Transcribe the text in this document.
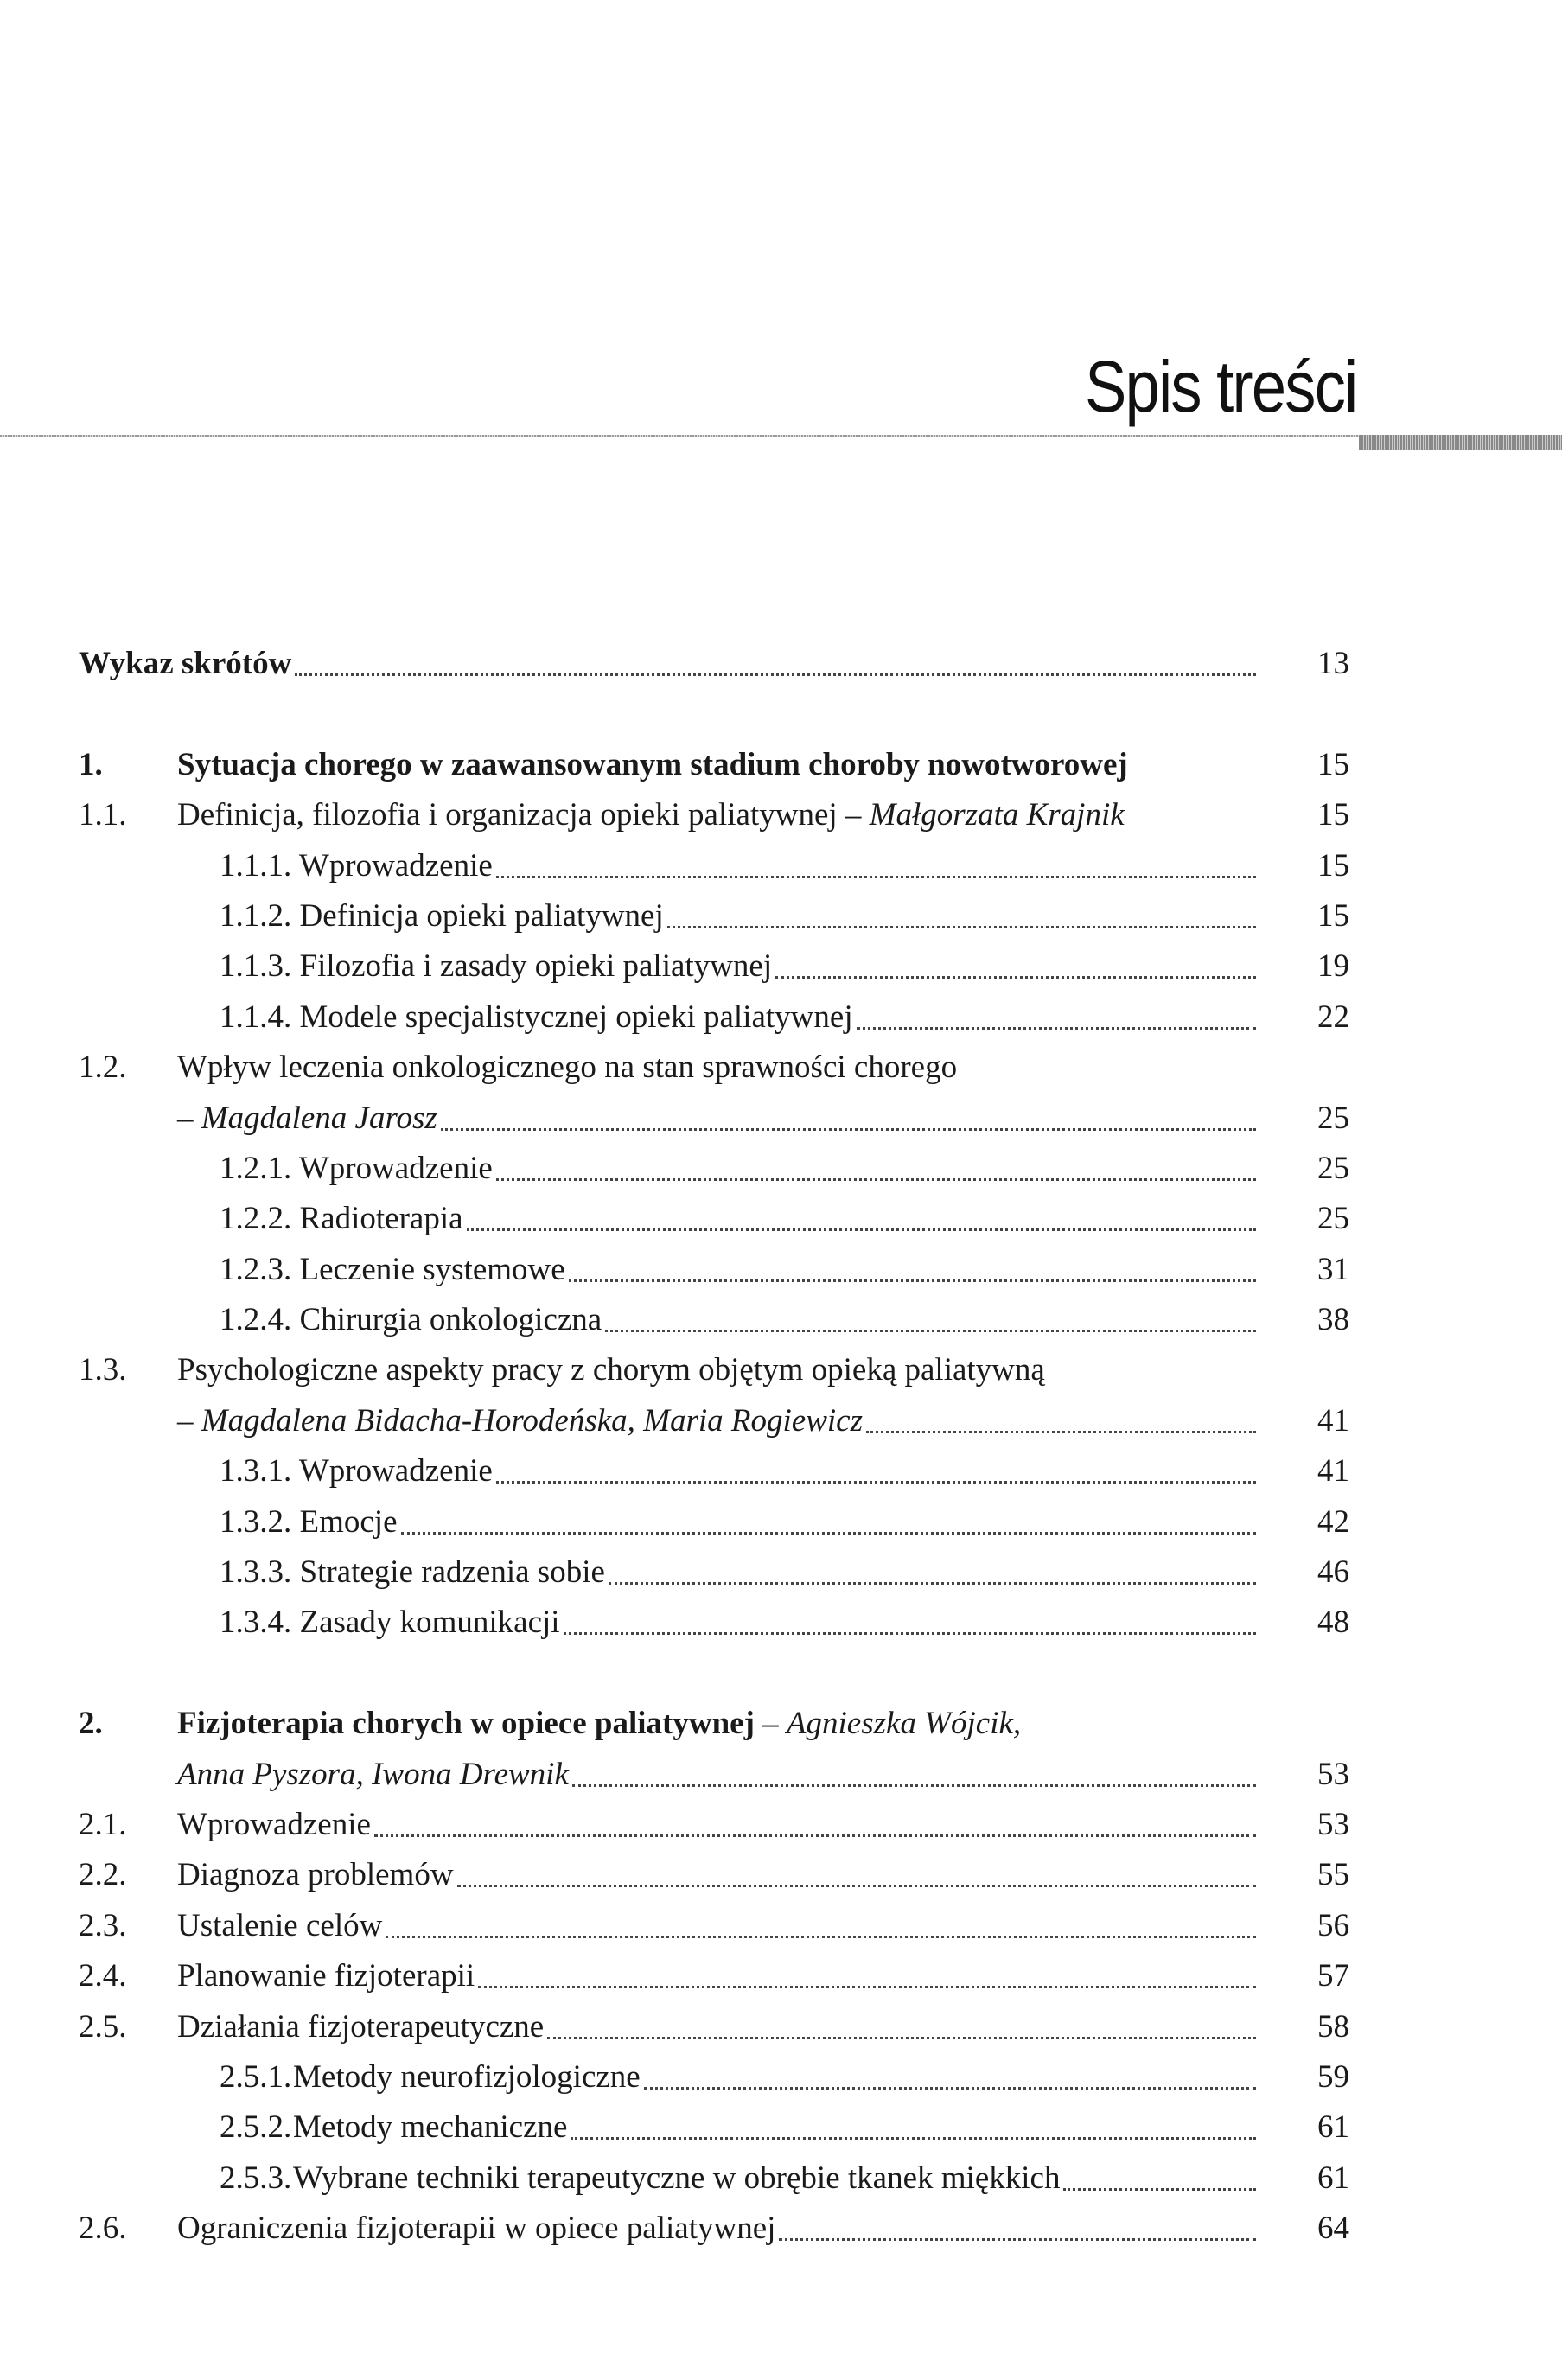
Spis treści
Wykaz skrótów	13
1. Sytuacja chorego w zaawansowanym stadium choroby nowotworowej	15
1.1. Definicja, filozofia i organizacja opieki paliatywnej – Małgorzata Krajnik	15
1.1.1. Wprowadzenie	15
1.1.2. Definicja opieki paliatywnej	15
1.1.3. Filozofia i zasady opieki paliatywnej	19
1.1.4. Modele specjalistycznej opieki paliatywnej	22
1.2. Wpływ leczenia onkologicznego na stan sprawności chorego
– Magdalena Jarosz	25
1.2.1. Wprowadzenie	25
1.2.2. Radioterapia	25
1.2.3. Leczenie systemowe	31
1.2.4. Chirurgia onkologiczna	38
1.3. Psychologiczne aspekty pracy z chorym objętym opieką paliatywną
– Magdalena Bidacha-Horodeńska, Maria Rogiewicz	41
1.3.1. Wprowadzenie	41
1.3.2. Emocje	42
1.3.3. Strategie radzenia sobie	46
1.3.4. Zasady komunikacji	48
2. Fizjoterapia chorych w opiece paliatywnej – Agnieszka Wójcik,
Anna Pyszora, Iwona Drewnik	53
2.1. Wprowadzenie	53
2.2. Diagnoza problemów	55
2.3. Ustalenie celów	56
2.4. Planowanie fizjoterapii	57
2.5. Działania fizjoterapeutyczne	58
2.5.1. Metody neurofizjologiczne	59
2.5.2. Metody mechaniczne	61
2.5.3. Wybrane techniki terapeutyczne w obrębie tkanek miękkich	61
2.6. Ograniczenia fizjoterapii w opiece paliatywnej	64
